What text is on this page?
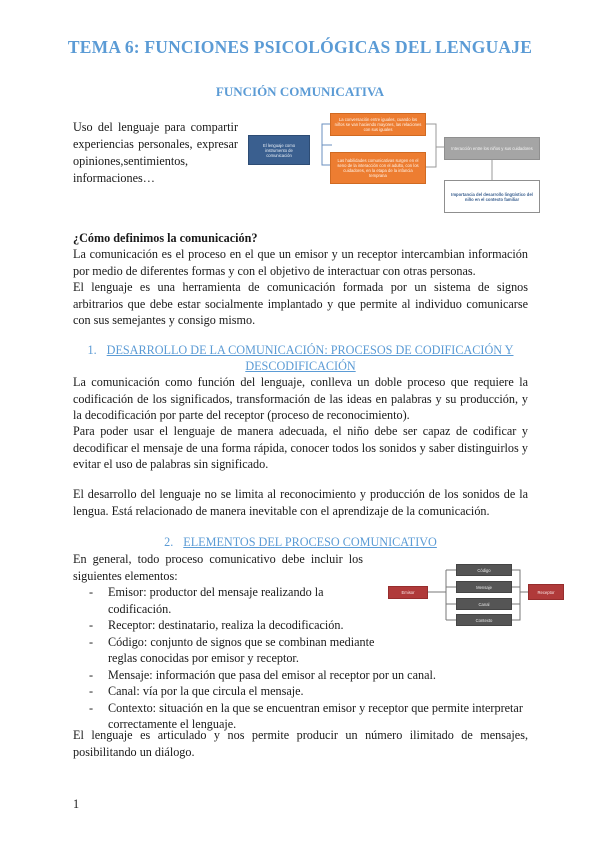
TEMA 6: FUNCIONES PSICOLÓGICAS DEL LENGUAJE
FUNCIÓN COMUNICATIVA
Uso del lenguaje para compartir experiencias personales, expresar opiniones,sentimientos, informaciones…
El lenguaje como instrumento de comunicación
La conversación entre iguales, cuando los niños se van haciendo mayores, las relaciones con sus iguales
Las habilidades comunicativas surgen en el seno de la interacción con el adulto, con los cuidadores, en la etapa de la infancia temprana
Interacción entre los niños y sus cuidadores
Importancia del desarrollo lingüístico del niño en el contexto familiar

¿Cómo definimos la comunicación?

La comunicación es el proceso en el que un emisor y un receptor intercambian información por medio de diferentes formas y con el objetivo de interactuar con otras personas.

El lenguaje es una herramienta de comunicación formada por un sistema de signos arbitrarios que debe estar socialmente implantado y que permite al individuo comunicarse con sus semejantes y consigo mismo.

1. DESARROLLO DE LA COMUNICACIÓN: PROCESOS DE CODIFICACIÓN Y DESCODIFICACIÓN

La comunicación como función del lenguaje, conlleva un doble proceso que requiere la codificación de los significados, transformación de las ideas en palabras y su producción, y la decodificación por parte del receptor (proceso de reconocimiento).

Para poder usar el lenguaje de manera adecuada, el niño debe ser capaz de codificar y decodificar el mensaje de una forma rápida, conocer todos los sonidos y saber distinguirlos y evitar el uso de palabras sin significado.

El desarrollo del lenguaje no se limita al reconocimiento y producción de los sonidos de la lengua. Está relacionado de manera inevitable con el aprendizaje de la comunicación.

2. ELEMENTOS DEL PROCESO COMUNICATIVO

En general, todo proceso comunicativo debe incluir los siguientes elementos:

- Emisor: productor del mensaje realizando la codificación.
- Receptor: destinatario, realiza la decodificación.
- Código: conjunto de signos que se combinan mediante reglas conocidas por emisor y receptor.
- Mensaje: información que pasa del emisor al receptor por un canal.
- Canal: vía por la que circula el mensaje.
- Contexto: situación en la que se encuentran emisor y receptor que permite interpretar correctamente el lenguaje.
Emisor
Código
Mensaje
Canal
Contexto
Receptor

El lenguaje es articulado y nos permite producir un número ilimitado de mensajes, posibilitando un diálogo.

1
